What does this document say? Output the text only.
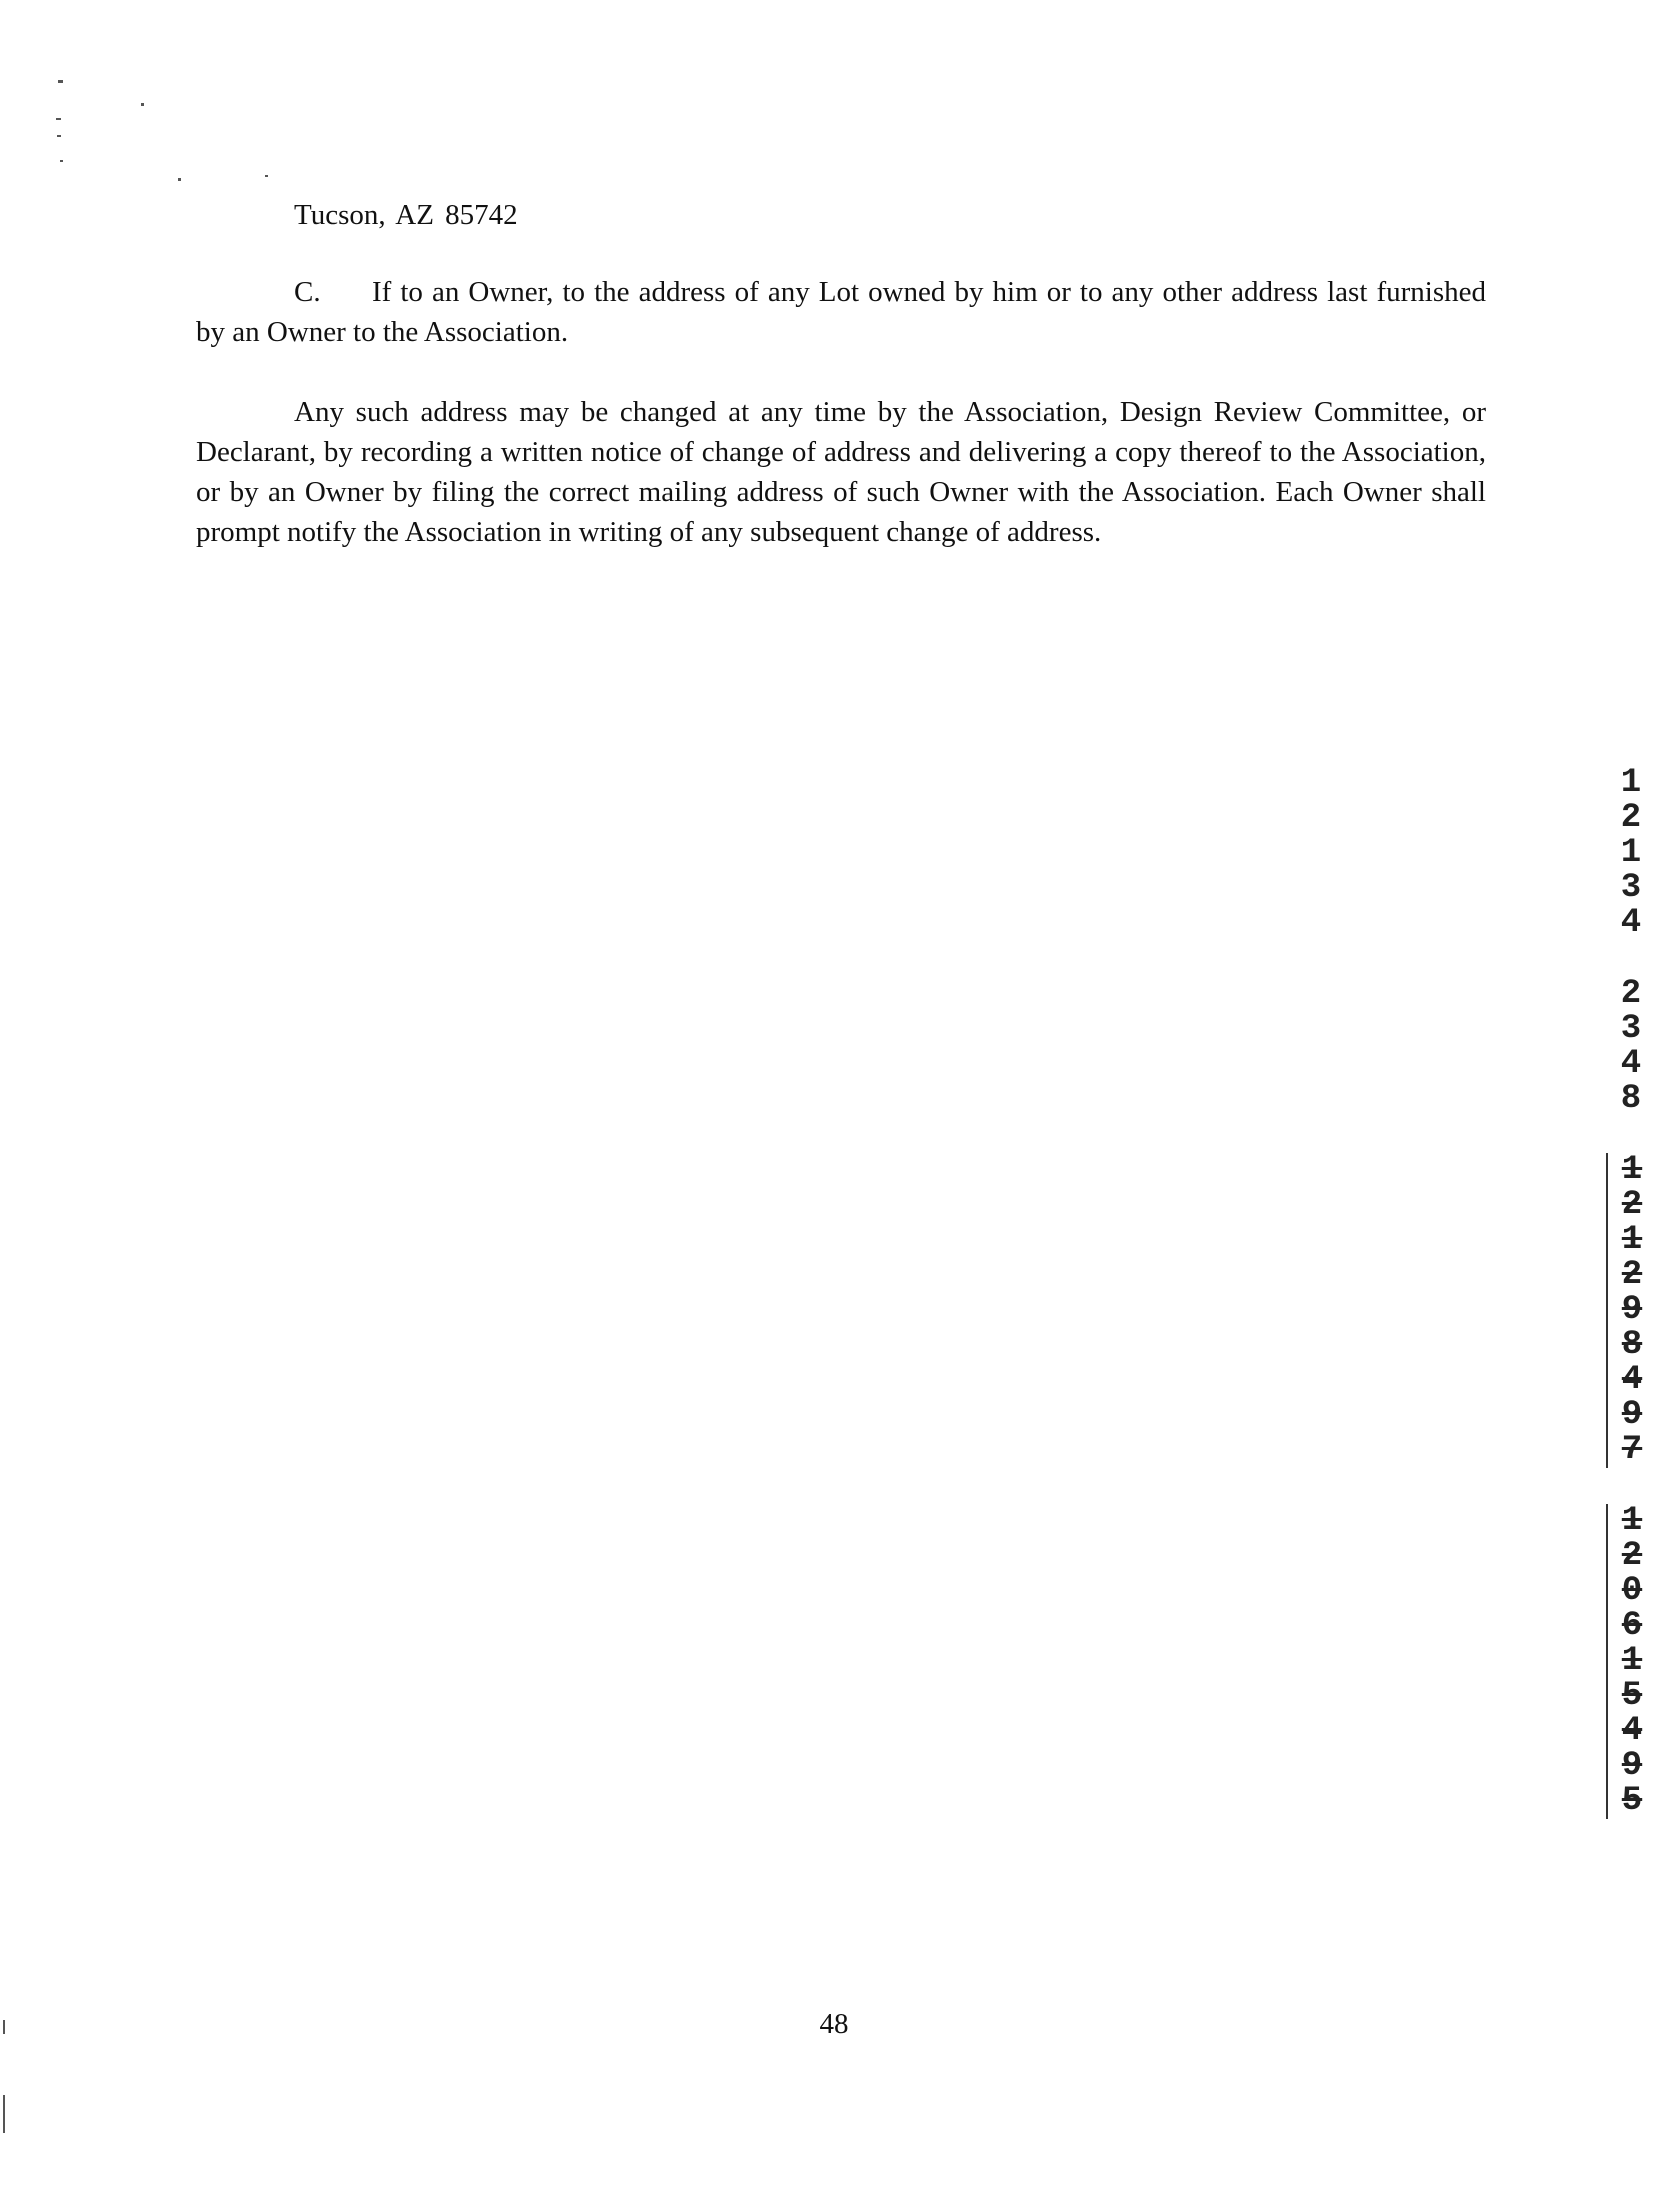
Tucson, AZ 85742
C. If to an Owner, to the address of any Lot owned by him or to any other address last furnished by an Owner to the Association.
Any such address may be changed at any time by the Association, Design Review Committee, or Declarant, by recording a written notice of change of address and delivering a copy thereof to the Association, or by an Owner by filing the correct mailing address of such Owner with the Association. Each Owner shall prompt notify the Association in writing of any subsequent change of address.
1
2
1
3
4
2
3
4
8
1
2
1
2
9
8
4
9
7
1
2
0
6
1
5
4
9
5
48
